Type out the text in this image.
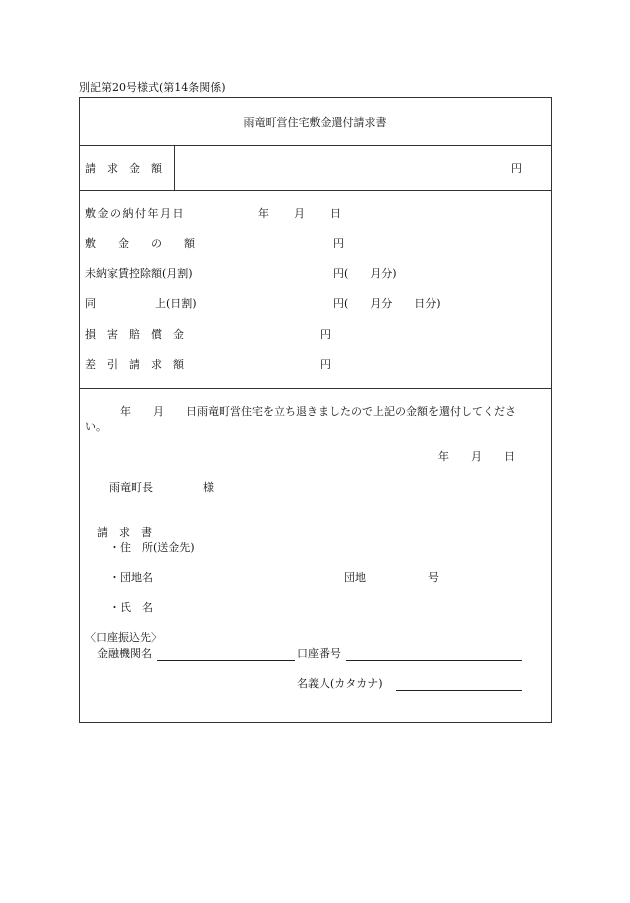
別記第20号様式(第14条関係)
雨竜町営住宅敷金還付請求書
請　求　金　額	円
敷金の納付年月日	年 月 日
敷　　金　　の　　額	円
未納家賃控除額(月割)	円(　　月分)
同	上(日割)	円(　　月分　　日分)
損　害　賠　償　金	円
差　引　請　求　額	円
年　　月　　日雨竜町営住宅を立ち退きましたので上記の金額を還付してくださ
い。
年　　月　　日
雨竜町長	様
請　求　書
・住　所(送金先)
・団地名	団地	号
・氏　名
〈口座振込先〉
金融機関名	口座番号
名義人(カタカナ)
